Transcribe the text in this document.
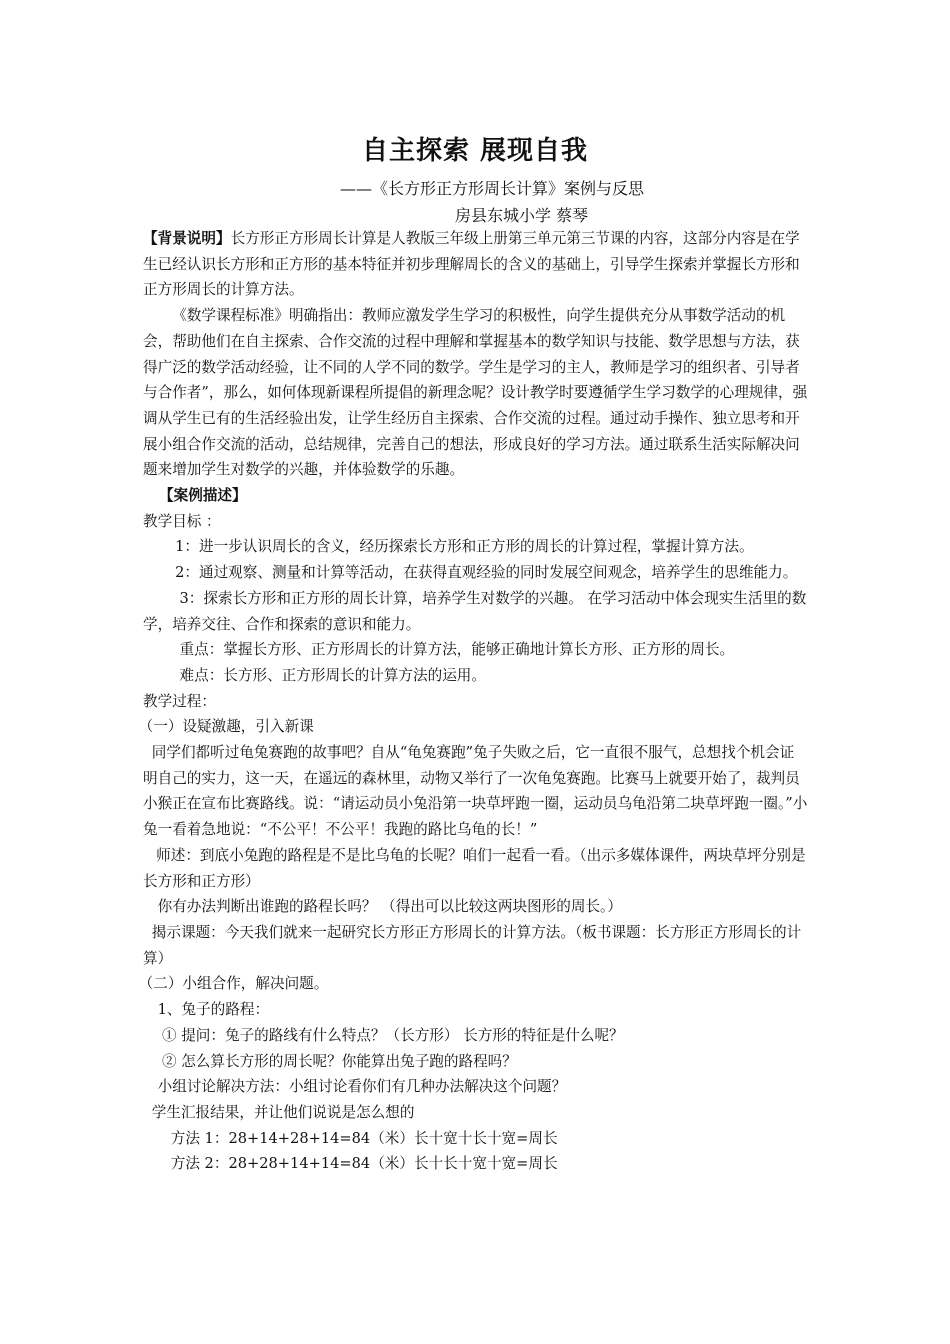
自主探索 展现自我
——《长方形正方形周长计算》案例与反思
房县东城小学 蔡琴

【背景说明】长方形正方形周长计算是人教版三年级上册第三单元第三节课的内容，这部分内容是在学生已经认识长方形和正方形的基本特征并初步理解周长的含义的基础上，引导学生探索并掌握长方形和正方形周长的计算方法。

《数学课程标准》明确指出：教师应激发学生学习的积极性，向学生提供充分从事数学活动的机会，帮助他们在自主探索、合作交流的过程中理解和掌握基本的数学知识与技能、数学思想与方法，获得广泛的数学活动经验，让不同的人学不同的数学。学生是学习的主人，教师是学习的组织者、引导者与合作者”，那么，如何体现新课程所提倡的新理念呢？设计教学时要遵循学生学习数学的心理规律，强调从学生已有的生活经验出发，让学生经历自主探索、合作交流的过程。通过动手操作、独立思考和开展小组合作交流的活动，总结规律，完善自己的想法，形成良好的学习方法。通过联系生活实际解决问题来增加学生对数学的兴趣，并体验数学的乐趣。

【案例描述】

教学目标 ：

1：进一步认识周长的含义，经历探索长方形和正方形的周长的计算过程，掌握计算方法。

2：通过观察、测量和计算等活动，在获得直观经验的同时发展空间观念，培养学生的思维能力。

3：探索长方形和正方形的周长计算，培养学生对数学的兴趣。 在学习活动中体会现实生活里的数学，培养交往、合作和探索的意识和能力。

重点：掌握长方形、正方形周长的计算方法，能够正确地计算长方形、正方形的周长。

难点：长方形、正方形周长的计算方法的运用。

教学过程：

（一）设疑激趣，引入新课

同学们都听过龟兔赛跑的故事吧？自从“龟兔赛跑”兔子失败之后，它一直很不服气，总想找个机会证明自己的实力，这一天，在遥远的森林里，动物又举行了一次龟兔赛跑。比赛马上就要开始了，裁判员小猴正在宣布比赛路线。说：“请运动员小兔沿第一块草坪跑一圈，运动员乌龟沿第二块草坪跑一圈。”小兔一看着急地说：“不公平！不公平！我跑的路比乌龟的长！”

师述：到底小兔跑的路程是不是比乌龟的长呢？咱们一起看一看。（出示多媒体课件，两块草坪分别是长方形和正方形）

你有办法判断出谁跑的路程长吗？ （得出可以比较这两块图形的周长。）

揭示课题：今天我们就来一起研究长方形正方形周长的计算方法。（板书课题：长方形正方形周长的计算）

（二）小组合作，解决问题。

1、兔子的路程：

① 提问：兔子的路线有什么特点？（长方形） 长方形的特征是什么呢？

② 怎么算长方形的周长呢？你能算出兔子跑的路程吗？

小组讨论解决方法：小组讨论看你们有几种办法解决这个问题？

学生汇报结果，并让他们说说是怎么想的

方法 1：28+14+28+14=84（米）长十宽十长十宽=周长

方法 2：28+28+14+14=84（米）长十长十宽十宽=周长
